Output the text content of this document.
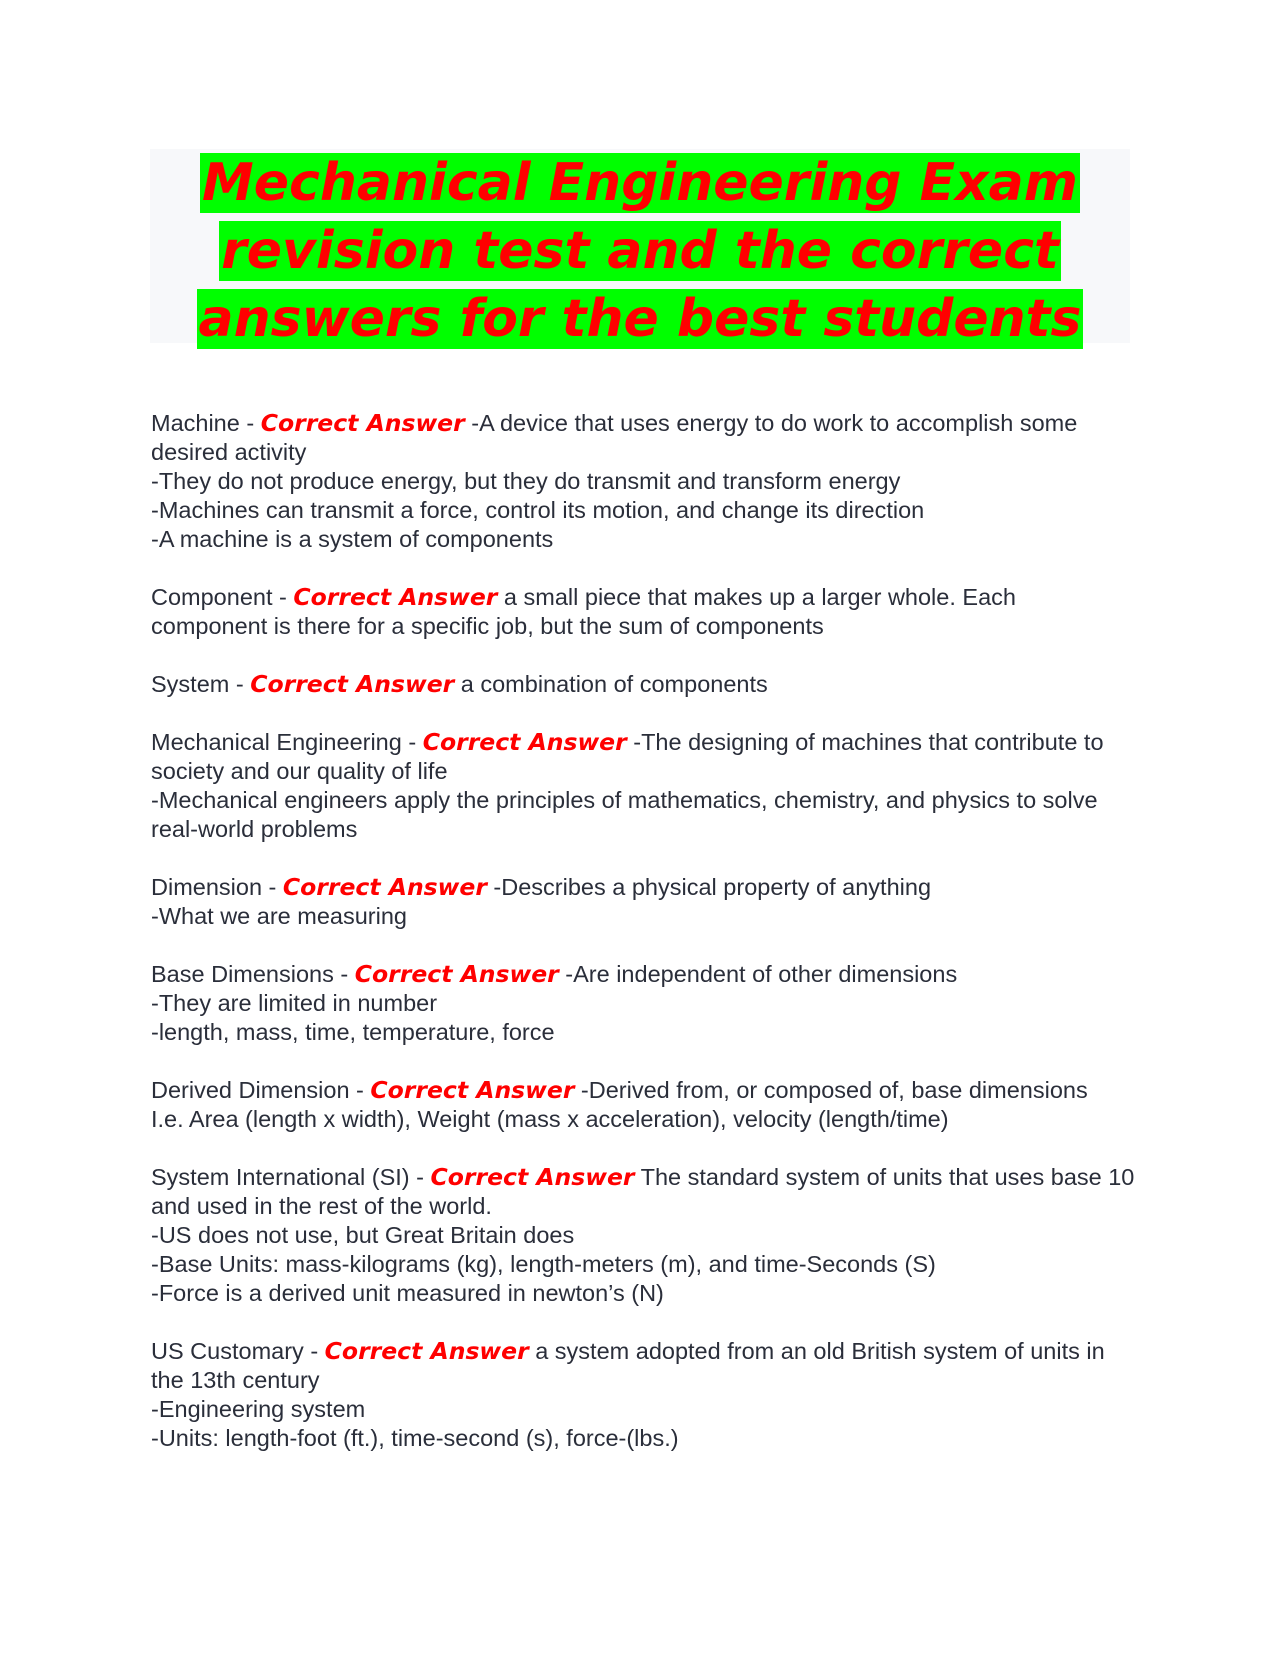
Mechanical Engineering Exam
revision test and the correct
answers for the best students
Machine - Correct Answer -A device that uses energy to do work to accomplish some desired activity
-They do not produce energy, but they do transmit and transform energy
-Machines can transmit a force, control its motion, and change its direction
-A machine is a system of components
Component - Correct Answer a small piece that makes up a larger whole. Each component is there for a specific job, but the sum of components
System - Correct Answer a combination of components
Mechanical Engineering - Correct Answer -The designing of machines that contribute to society and our quality of life
-Mechanical engineers apply the principles of mathematics, chemistry, and physics to solve real-world problems
Dimension - Correct Answer -Describes a physical property of anything
-What we are measuring
Base Dimensions - Correct Answer -Are independent of other dimensions
-They are limited in number
-length, mass, time, temperature, force
Derived Dimension - Correct Answer -Derived from, or composed of, base dimensions
I.e. Area (length x width), Weight (mass x acceleration), velocity (length/time)
System International (SI) - Correct Answer The standard system of units that uses base 10 and used in the rest of the world.
-US does not use, but Great Britain does
-Base Units: mass-kilograms (kg), length-meters (m), and time-Seconds (S)
-Force is a derived unit measured in newton’s (N)
US Customary - Correct Answer a system adopted from an old British system of units in the 13th century
-Engineering system
-Units: length-foot (ft.), time-second (s), force-(lbs.)
